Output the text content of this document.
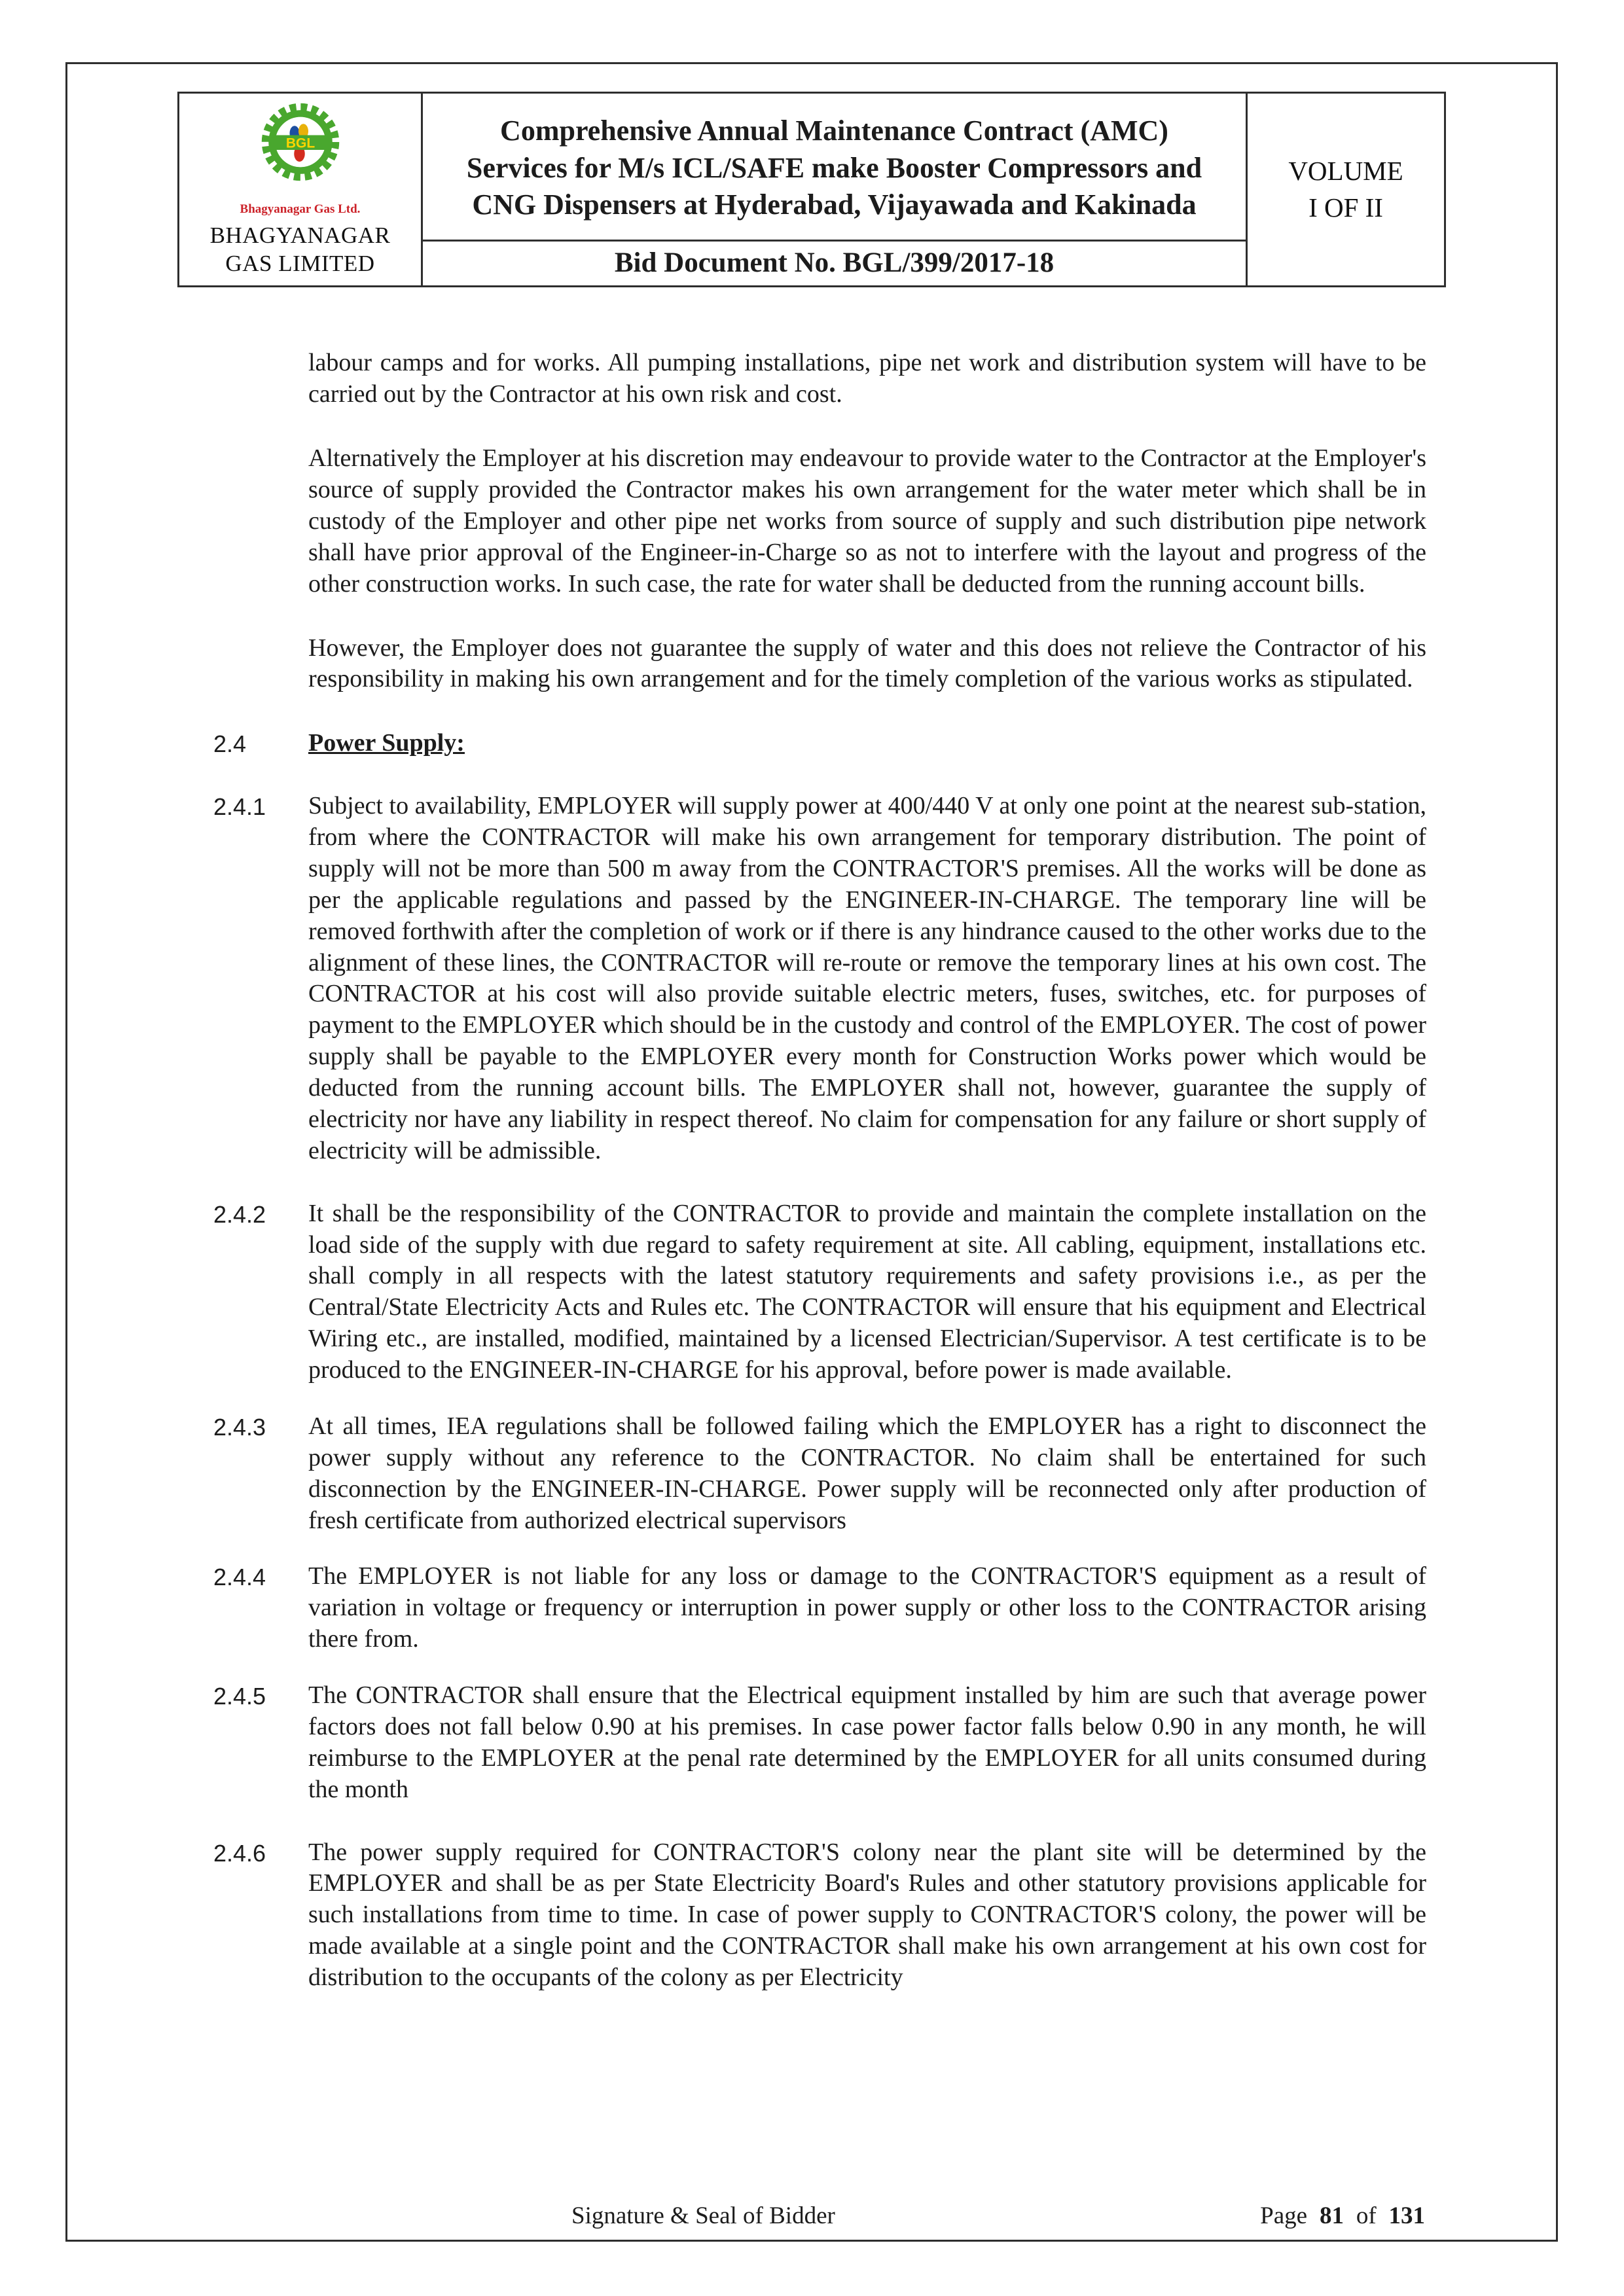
BGL
Bhagyanagar Gas Ltd.
BHAGYANAGAR
GAS LIMITED
Comprehensive Annual Maintenance Contract (AMC) Services for M/s ICL/SAFE make Booster Compressors and CNG Dispensers at Hyderabad, Vijayawada and Kakinada
Bid Document No. BGL/399/2017-18
VOLUME
I OF II

labour camps and for works. All pumping installations, pipe net work and distribution system will have to be carried out by the Contractor at his own risk and cost.

Alternatively the Employer at his discretion may endeavour to provide water to the Contractor at the Employer's source of supply provided the Contractor makes his own arrangement for the water meter which shall be in custody of the Employer and other pipe net works from source of supply and such distribution pipe network shall have prior approval of the Engineer-in-Charge so as not to interfere with the layout and progress of the other construction works. In such case, the rate for water shall be deducted from the running account bills.

However, the Employer does not guarantee the supply of water and this does not relieve the Contractor of his responsibility in making his own arrangement and for the timely completion of the various works as stipulated.

2.4	Power Supply:
2.4.1	Subject to availability, EMPLOYER will supply power at 400/440 V at only one point at the nearest sub-station, from where the CONTRACTOR will make his own arrangement for temporary distribution. The point of supply will not be more than 500 m away from the CONTRACTOR'S premises. All the works will be done as per the applicable regulations and passed by the ENGINEER-IN-CHARGE. The temporary line will be removed forthwith after the completion of work or if there is any hindrance caused to the other works due to the alignment of these lines, the CONTRACTOR will re-route or remove the temporary lines at his own cost. The CONTRACTOR at his cost will also provide suitable electric meters, fuses, switches, etc. for purposes of payment to the EMPLOYER which should be in the custody and control of the EMPLOYER. The cost of power supply shall be payable to the EMPLOYER every month for Construction Works power which would be deducted from the running account bills. The EMPLOYER shall not, however, guarantee the supply of electricity nor have any liability in respect thereof. No claim for compensation for any failure or short supply of electricity will be admissible.
2.4.2	It shall be the responsibility of the CONTRACTOR to provide and maintain the complete installation on the load side of the supply with due regard to safety requirement at site. All cabling, equipment, installations etc. shall comply in all respects with the latest statutory requirements and safety provisions i.e., as per the Central/State Electricity Acts and Rules etc. The CONTRACTOR will ensure that his equipment and Electrical Wiring etc., are installed, modified, maintained by a licensed Electrician/Supervisor. A test certificate is to be produced to the ENGINEER-IN-CHARGE for his approval, before power is made available.
2.4.3	At all times, IEA regulations shall be followed failing which the EMPLOYER has a right to disconnect the power supply without any reference to the CONTRACTOR. No claim shall be entertained for such disconnection by the ENGINEER-IN-CHARGE. Power supply will be reconnected only after production of fresh certificate from authorized electrical supervisors
2.4.4	The EMPLOYER is not liable for any loss or damage to the CONTRACTOR'S equipment as a result of variation in voltage or frequency or interruption in power supply or other loss to the CONTRACTOR arising there from.
2.4.5	The CONTRACTOR shall ensure that the Electrical equipment installed by him are such that average power factors does not fall below 0.90 at his premises. In case power factor falls below 0.90 in any month, he will reimburse to the EMPLOYER at the penal rate determined by the EMPLOYER for all units consumed during the month
2.4.6	The power supply required for CONTRACTOR'S colony near the plant site will be determined by the EMPLOYER and shall be as per State Electricity Board's Rules and other statutory provisions applicable for such installations from time to time. In case of power supply to CONTRACTOR'S colony, the power will be made available at a single point and the CONTRACTOR shall make his own arrangement at his own cost for distribution to the occupants of the colony as per Electricity
Signature & Seal of Bidder	Page 81 of 131
